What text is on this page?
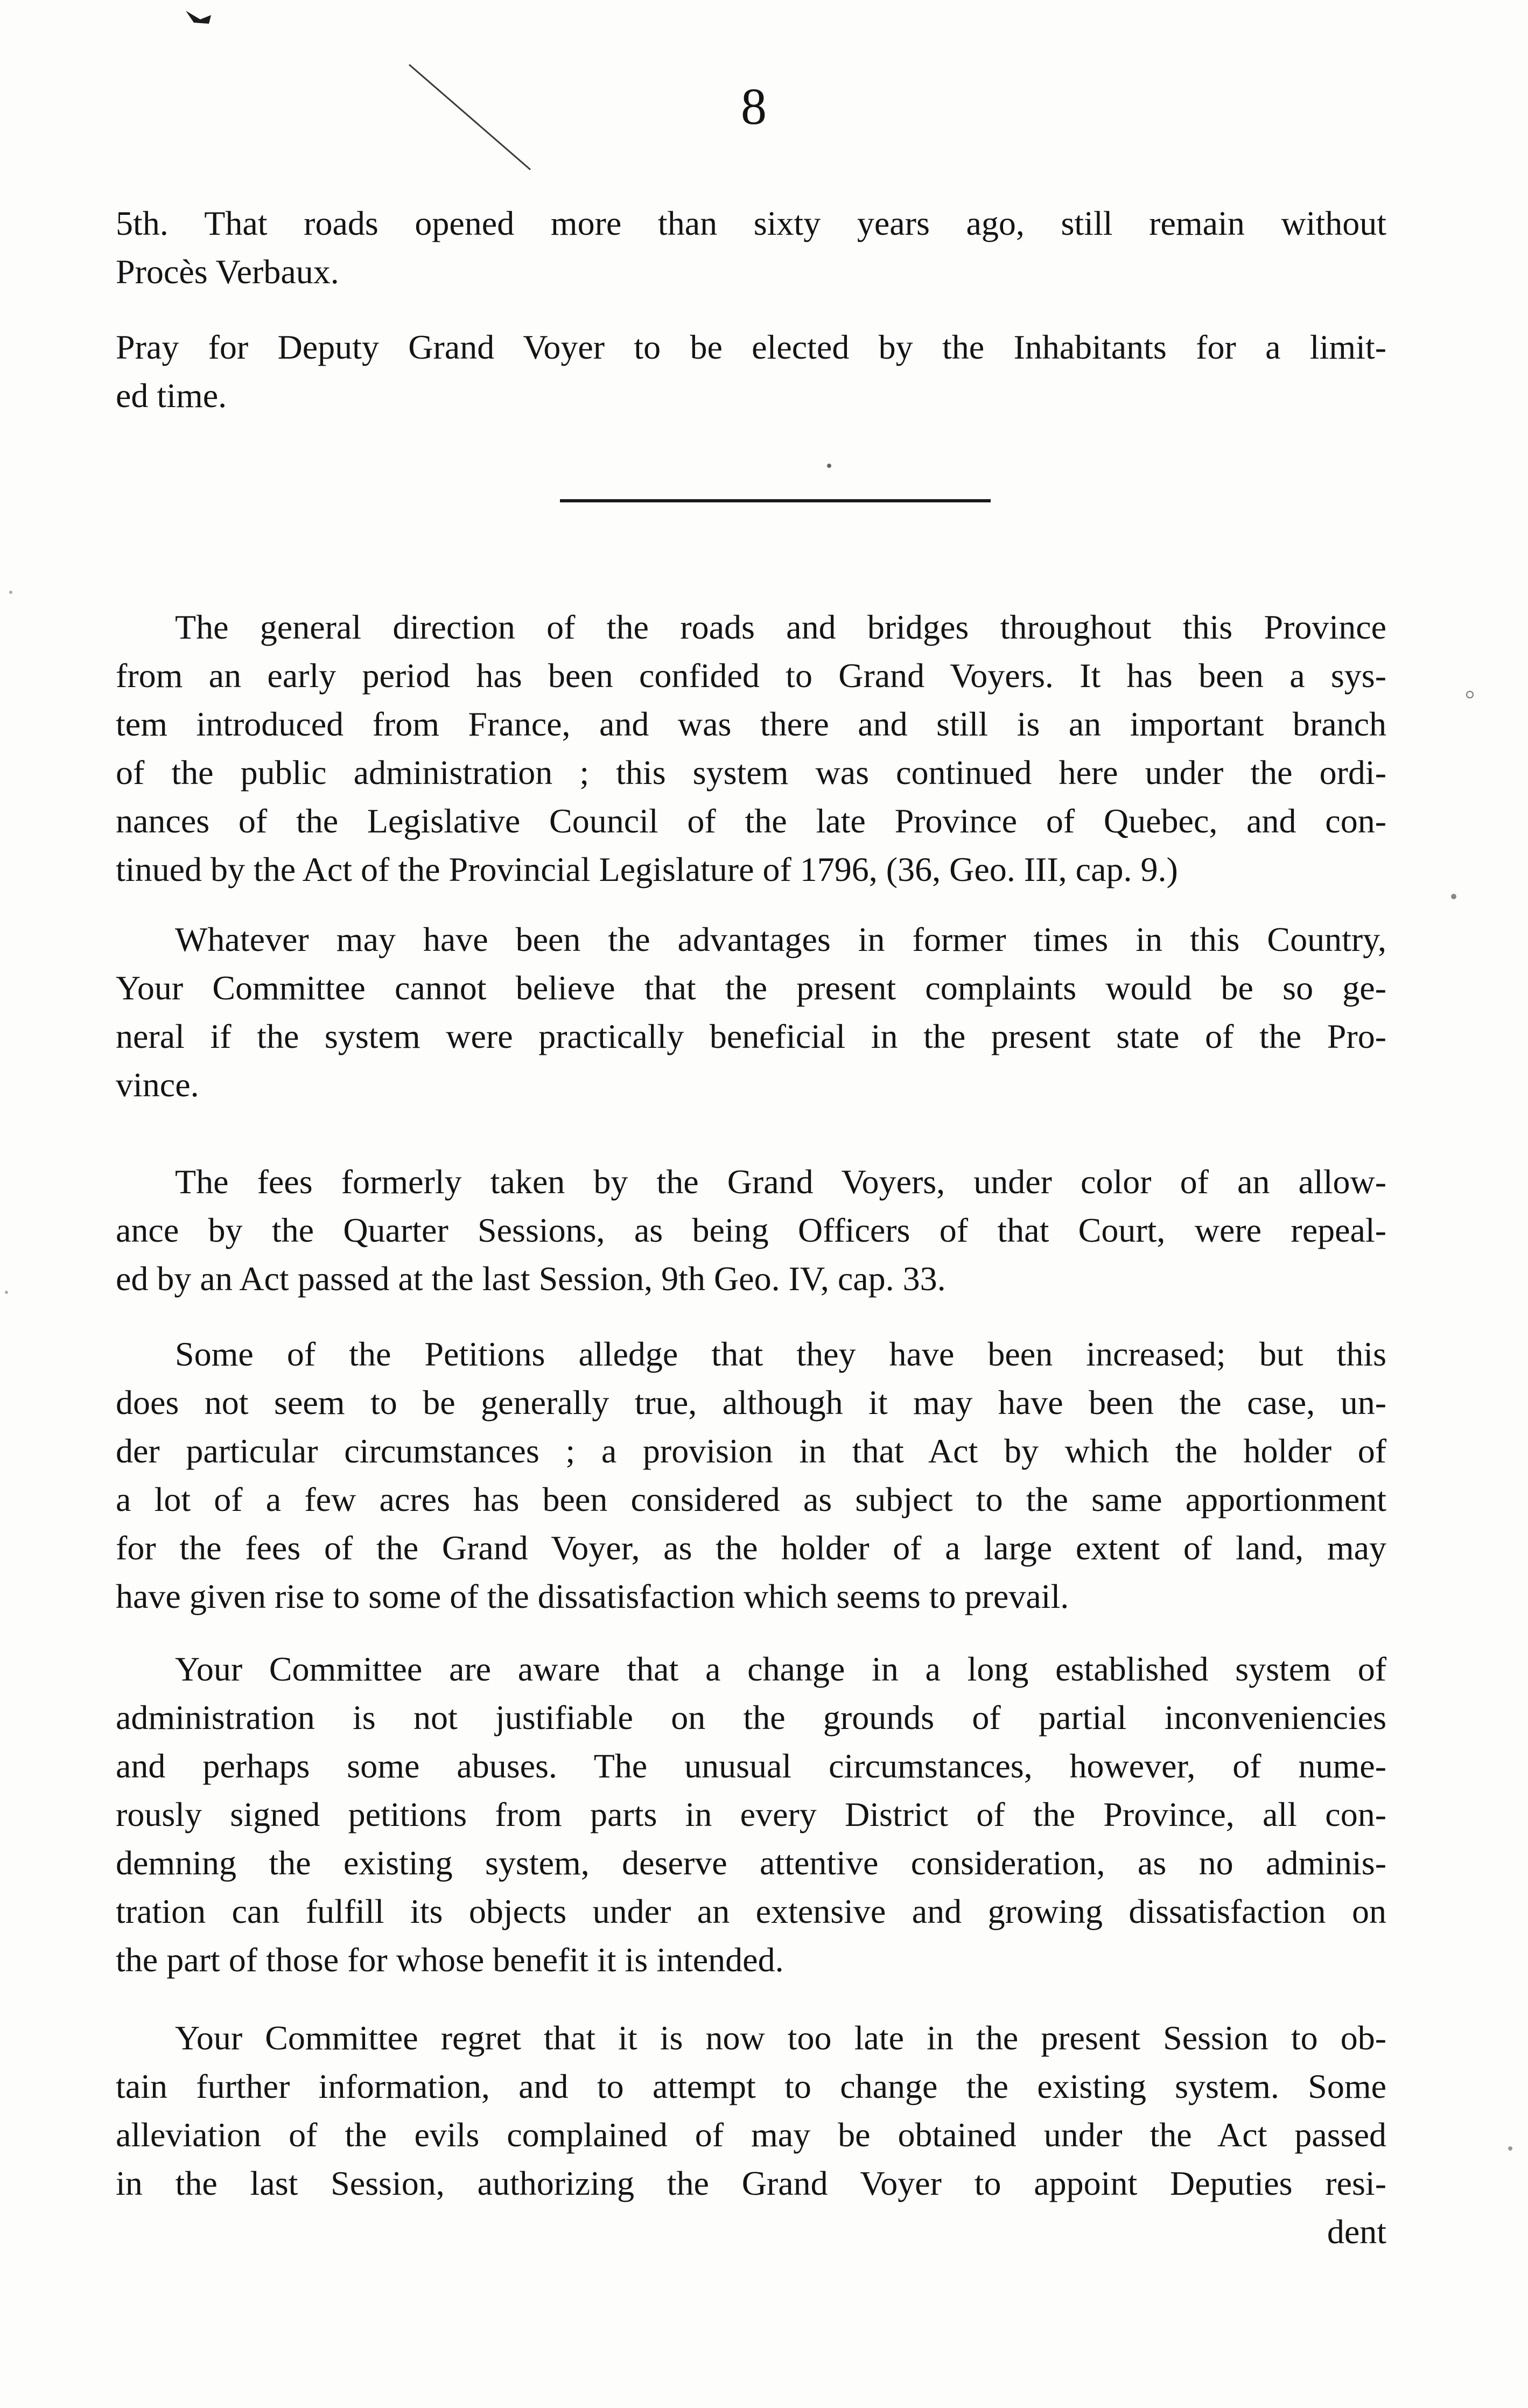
8
5th. That roads opened more than sixty years ago, still remain without
Procès Verbaux.
Pray for Deputy Grand Voyer to be elected by the Inhabitants for a limit-
ed time.
The general direction of the roads and bridges throughout this Province
from an early period has been confided to Grand Voyers. It has been a sys-
tem introduced from France, and was there and still is an important branch
of the public administration ; this system was continued here under the ordi-
nances of the Legislative Council of the late Province of Quebec, and con-
tinued by the Act of the Provincial Legislature of 1796, (36, Geo. III, cap. 9.)
Whatever may have been the advantages in former times in this Country,
Your Committee cannot believe that the present complaints would be so ge-
neral if the system were practically beneficial in the present state of the Pro-
vince.
The fees formerly taken by the Grand Voyers, under color of an allow-
ance by the Quarter Sessions, as being Officers of that Court, were repeal-
ed by an Act passed at the last Session, 9th Geo. IV, cap. 33.
Some of the Petitions alledge that they have been increased; but this
does not seem to be generally true, although it may have been the case, un-
der particular circumstances ; a provision in that Act by which the holder of
a lot of a few acres has been considered as subject to the same apportionment
for the fees of the Grand Voyer, as the holder of a large extent of land, may
have given rise to some of the dissatisfaction which seems to prevail.
Your Committee are aware that a change in a long established system of
administration is not justifiable on the grounds of partial inconveniencies
and perhaps some abuses. The unusual circumstances, however, of nume-
rously signed petitions from parts in every District of the Province, all con-
demning the existing system, deserve attentive consideration, as no adminis-
tration can fulfill its objects under an extensive and growing dissatisfaction on
the part of those for whose benefit it is intended.
Your Committee regret that it is now too late in the present Session to ob-
tain further information, and to attempt to change the existing system. Some
alleviation of the evils complained of may be obtained under the Act passed
in the last Session, authorizing the Grand Voyer to appoint Deputies resi-
dent
